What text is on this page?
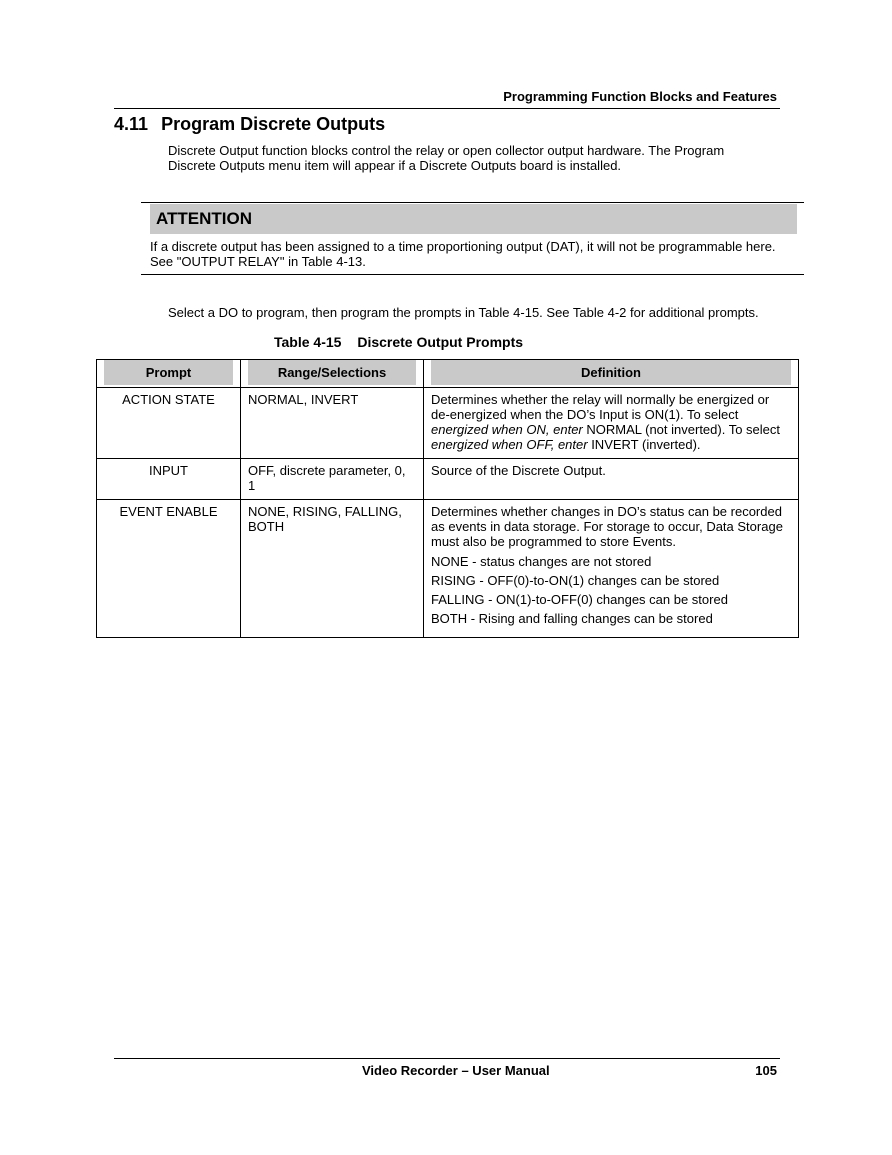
Programming Function Blocks and Features
4.11 Program Discrete Outputs
Discrete Output function blocks control the relay or open collector output hardware. The Program Discrete Outputs menu item will appear if a Discrete Outputs board is installed.
ATTENTION
If a discrete output has been assigned to a time proportioning output (DAT), it will not be programmable here. See "OUTPUT RELAY" in Table 4-13.
Select a DO to program, then program the prompts in Table 4-15. See Table 4-2 for additional prompts.
Table 4-15 Discrete Output Prompts
Prompt	Range/Selections	Definition

ACTION STATE	NORMAL, INVERT	Determines whether the relay will normally be energized or de-energized when the DO’s Input is ON(1). To select energized when ON, enter NORMAL (not inverted). To select energized when OFF, enter INVERT (inverted).
INPUT	OFF, discrete parameter, 0, 1	Source of the Discrete Output.
EVENT ENABLE	NONE, RISING, FALLING, BOTH	Determines whether changes in DO’s status can be recorded as events in data storage. For storage to occur, Data Storage must also be programmed to store Events.
NONE - status changes are not stored
RISING - OFF(0)-to-ON(1) changes can be stored
FALLING - ON(1)-to-OFF(0) changes can be stored
BOTH - Rising and falling changes can be stored
Video Recorder – User Manual	105
